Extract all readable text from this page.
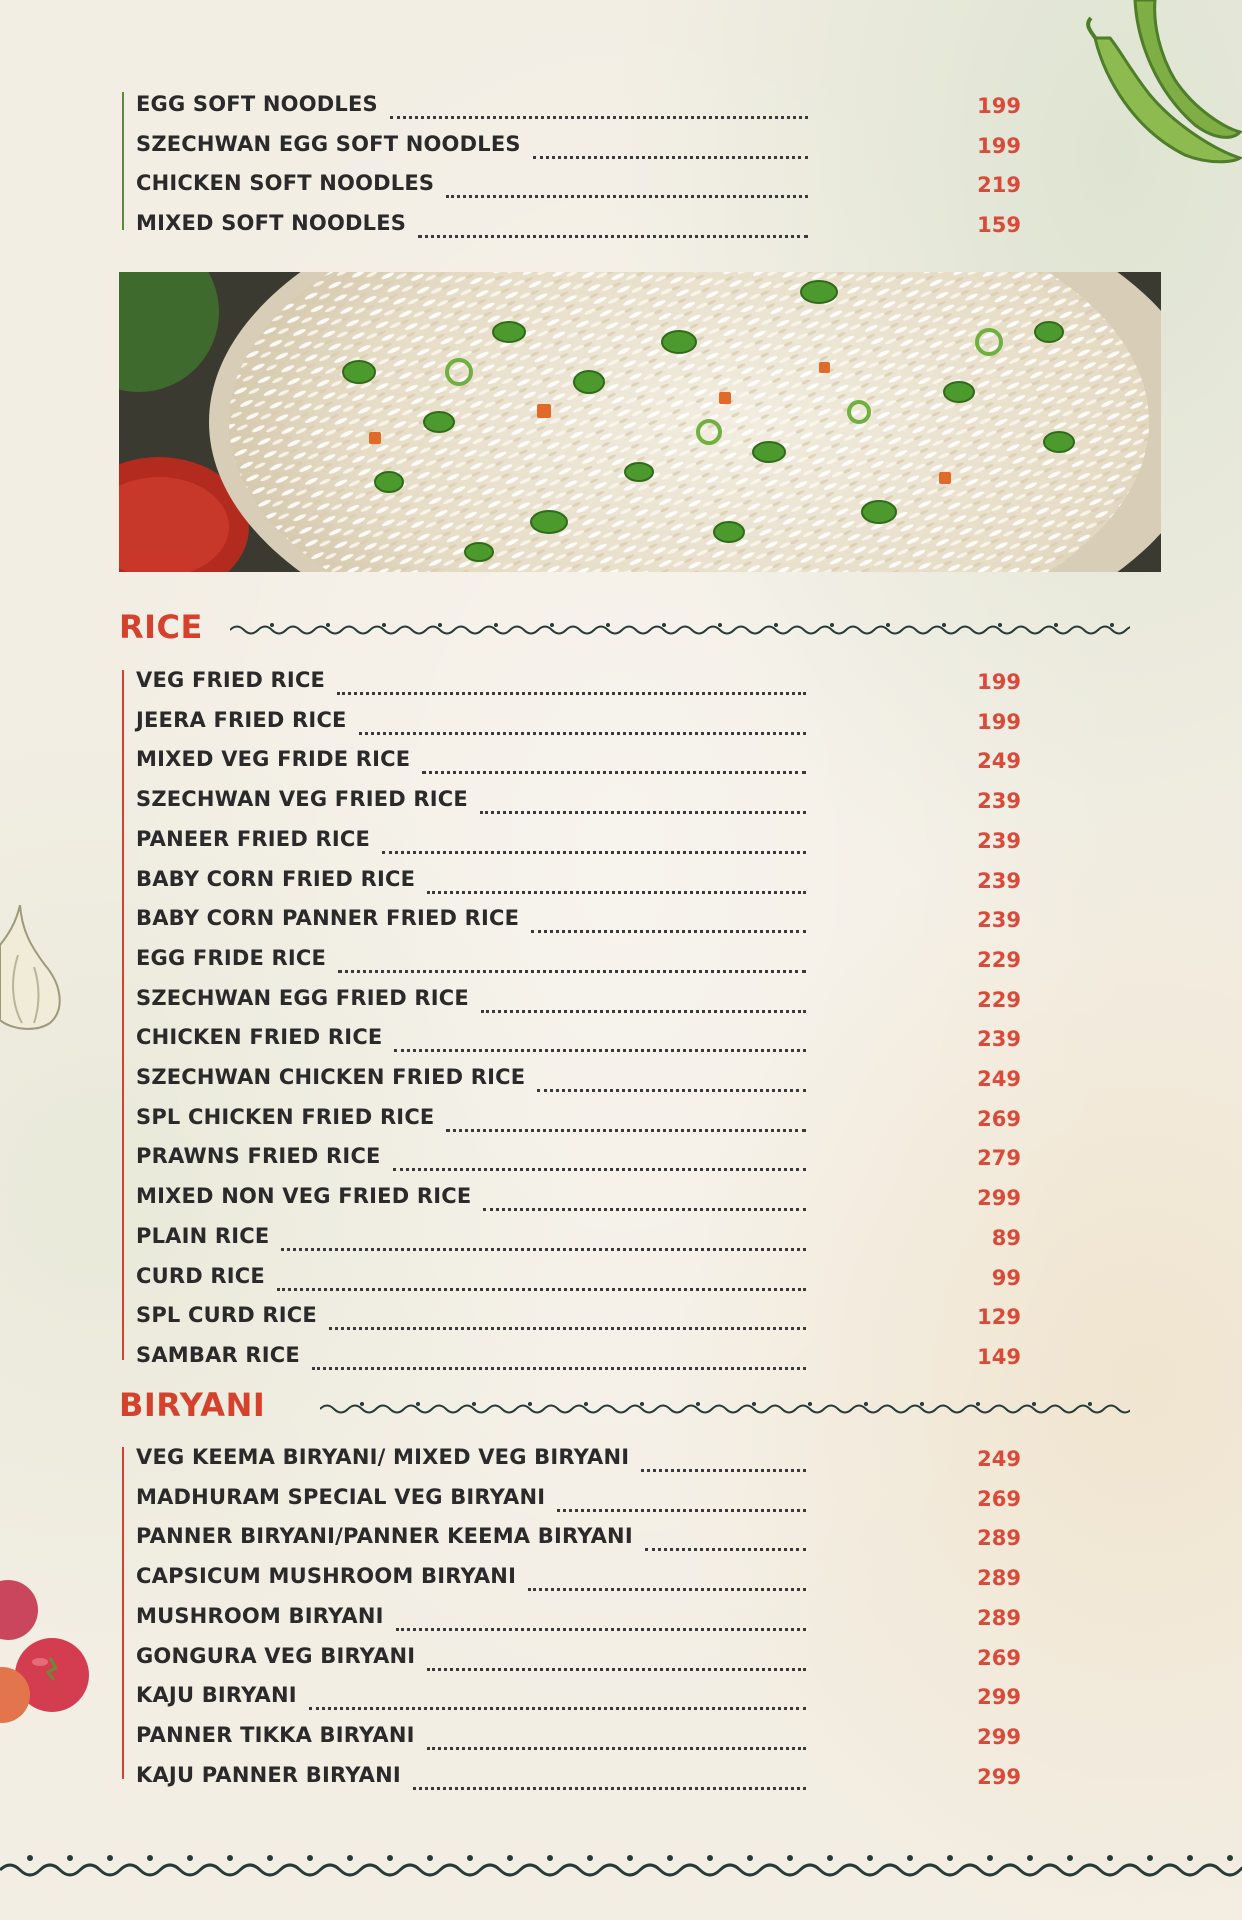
EGG SOFT NOODLES	199
SZECHWAN EGG SOFT NOODLES	199
CHICKEN SOFT NOODLES	219
MIXED SOFT NOODLES	159
RICE
VEG FRIED RICE	199
JEERA FRIED RICE	199
MIXED VEG FRIDE RICE	249
SZECHWAN VEG FRIED RICE	239
PANEER FRIED RICE	239
BABY CORN FRIED RICE	239
BABY CORN PANNER FRIED RICE	239
EGG FRIDE RICE	229
SZECHWAN EGG FRIED RICE	229
CHICKEN FRIED RICE	239
SZECHWAN CHICKEN FRIED RICE	249
SPL CHICKEN FRIED RICE	269
PRAWNS FRIED RICE	279
MIXED NON VEG FRIED RICE	299
PLAIN RICE	89
CURD RICE	99
SPL CURD RICE	129
SAMBAR RICE	149
BIRYANI
VEG KEEMA BIRYANI/ MIXED VEG BIRYANI	249
MADHURAM SPECIAL VEG BIRYANI	269
PANNER BIRYANI/PANNER KEEMA BIRYANI	289
CAPSICUM MUSHROOM BIRYANI	289
MUSHROOM BIRYANI	289
GONGURA VEG BIRYANI	269
KAJU BIRYANI	299
PANNER TIKKA BIRYANI	299
KAJU PANNER BIRYANI	299
